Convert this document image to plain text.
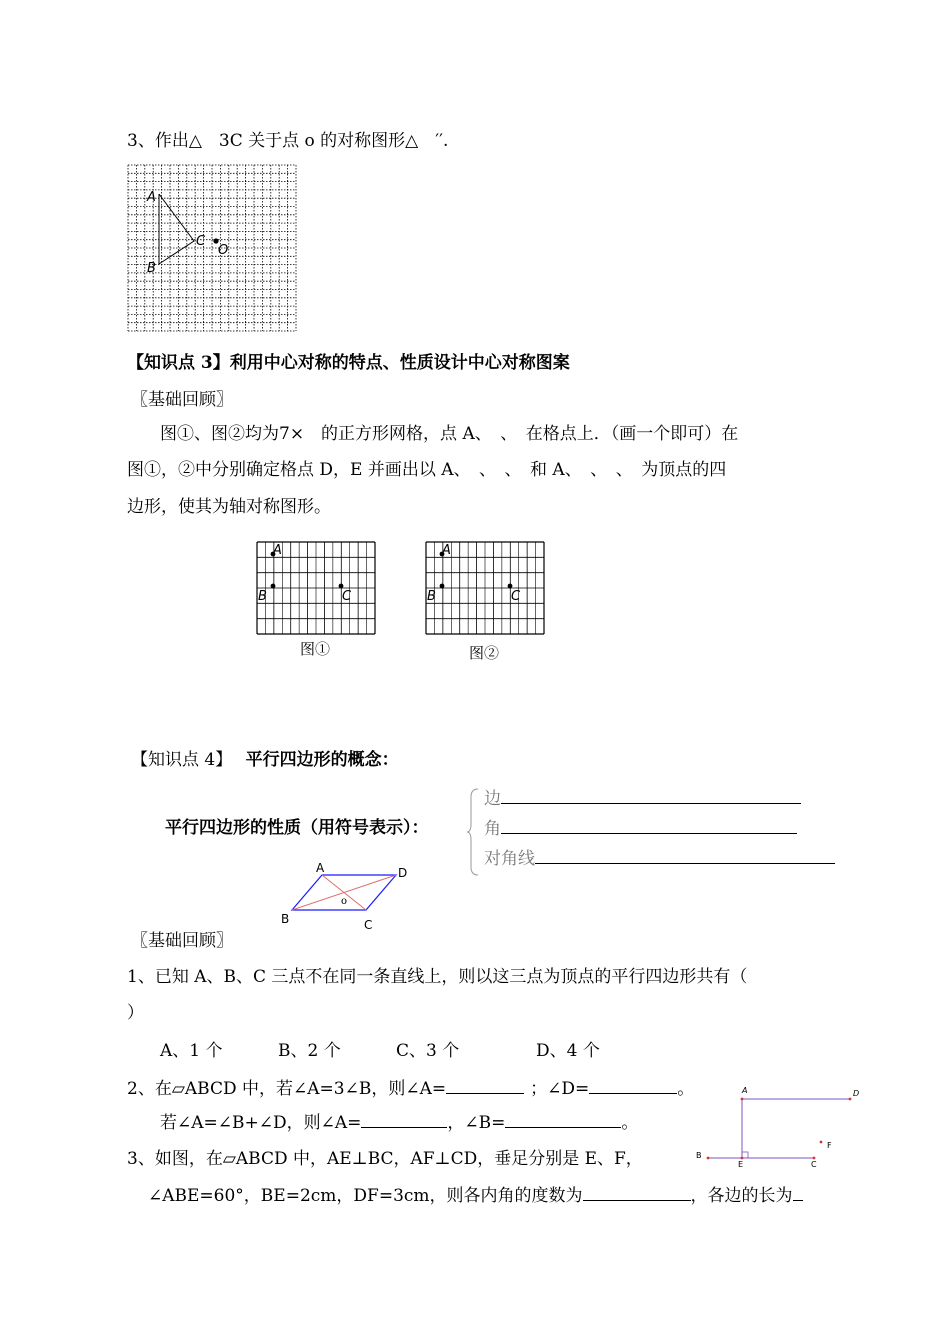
3、作出△　3C 关于点 o 的对称图形△　′′.
A
B
C
O
【知识点 3】利用中心对称的特点、性质设计中心对称图案
〖基础回顾〗
图①、图②均为7×　的正方形网格，点 A、　、　在格点上．（画一个即可）在
图①，②中分别确定格点 D，E 并画出以 A、　、　、　和 A、　、　、　为顶点的四
边形，使其为轴对称图形。
A
B	C
图①
A
B	C
图②
【知识点 4】 平行四边形的概念：
平行四边形的性质（用符号表示）：
边
角
对角线
A	D
B	C
o
〖基础回顾〗
1、已知 A、B、C 三点不在同一条直线上，则以这三点为顶点的平行四边形共有（
）
A、1 个	B、2 个	C、3 个	D、4 个
2、在▱ABCD 中，若∠A=3∠B，则∠A=	；∠D=	。
若∠A=∠B+∠D，则∠A=	，∠B=	。
3、如图，在▱ABCD 中，AE⊥BC，AF⊥CD，垂足分别是 E、F，
∠ABE=60°，BE=2cm，DF=3cm，则各内角的度数为	，各边的长为
A	D
B
E	C
F
